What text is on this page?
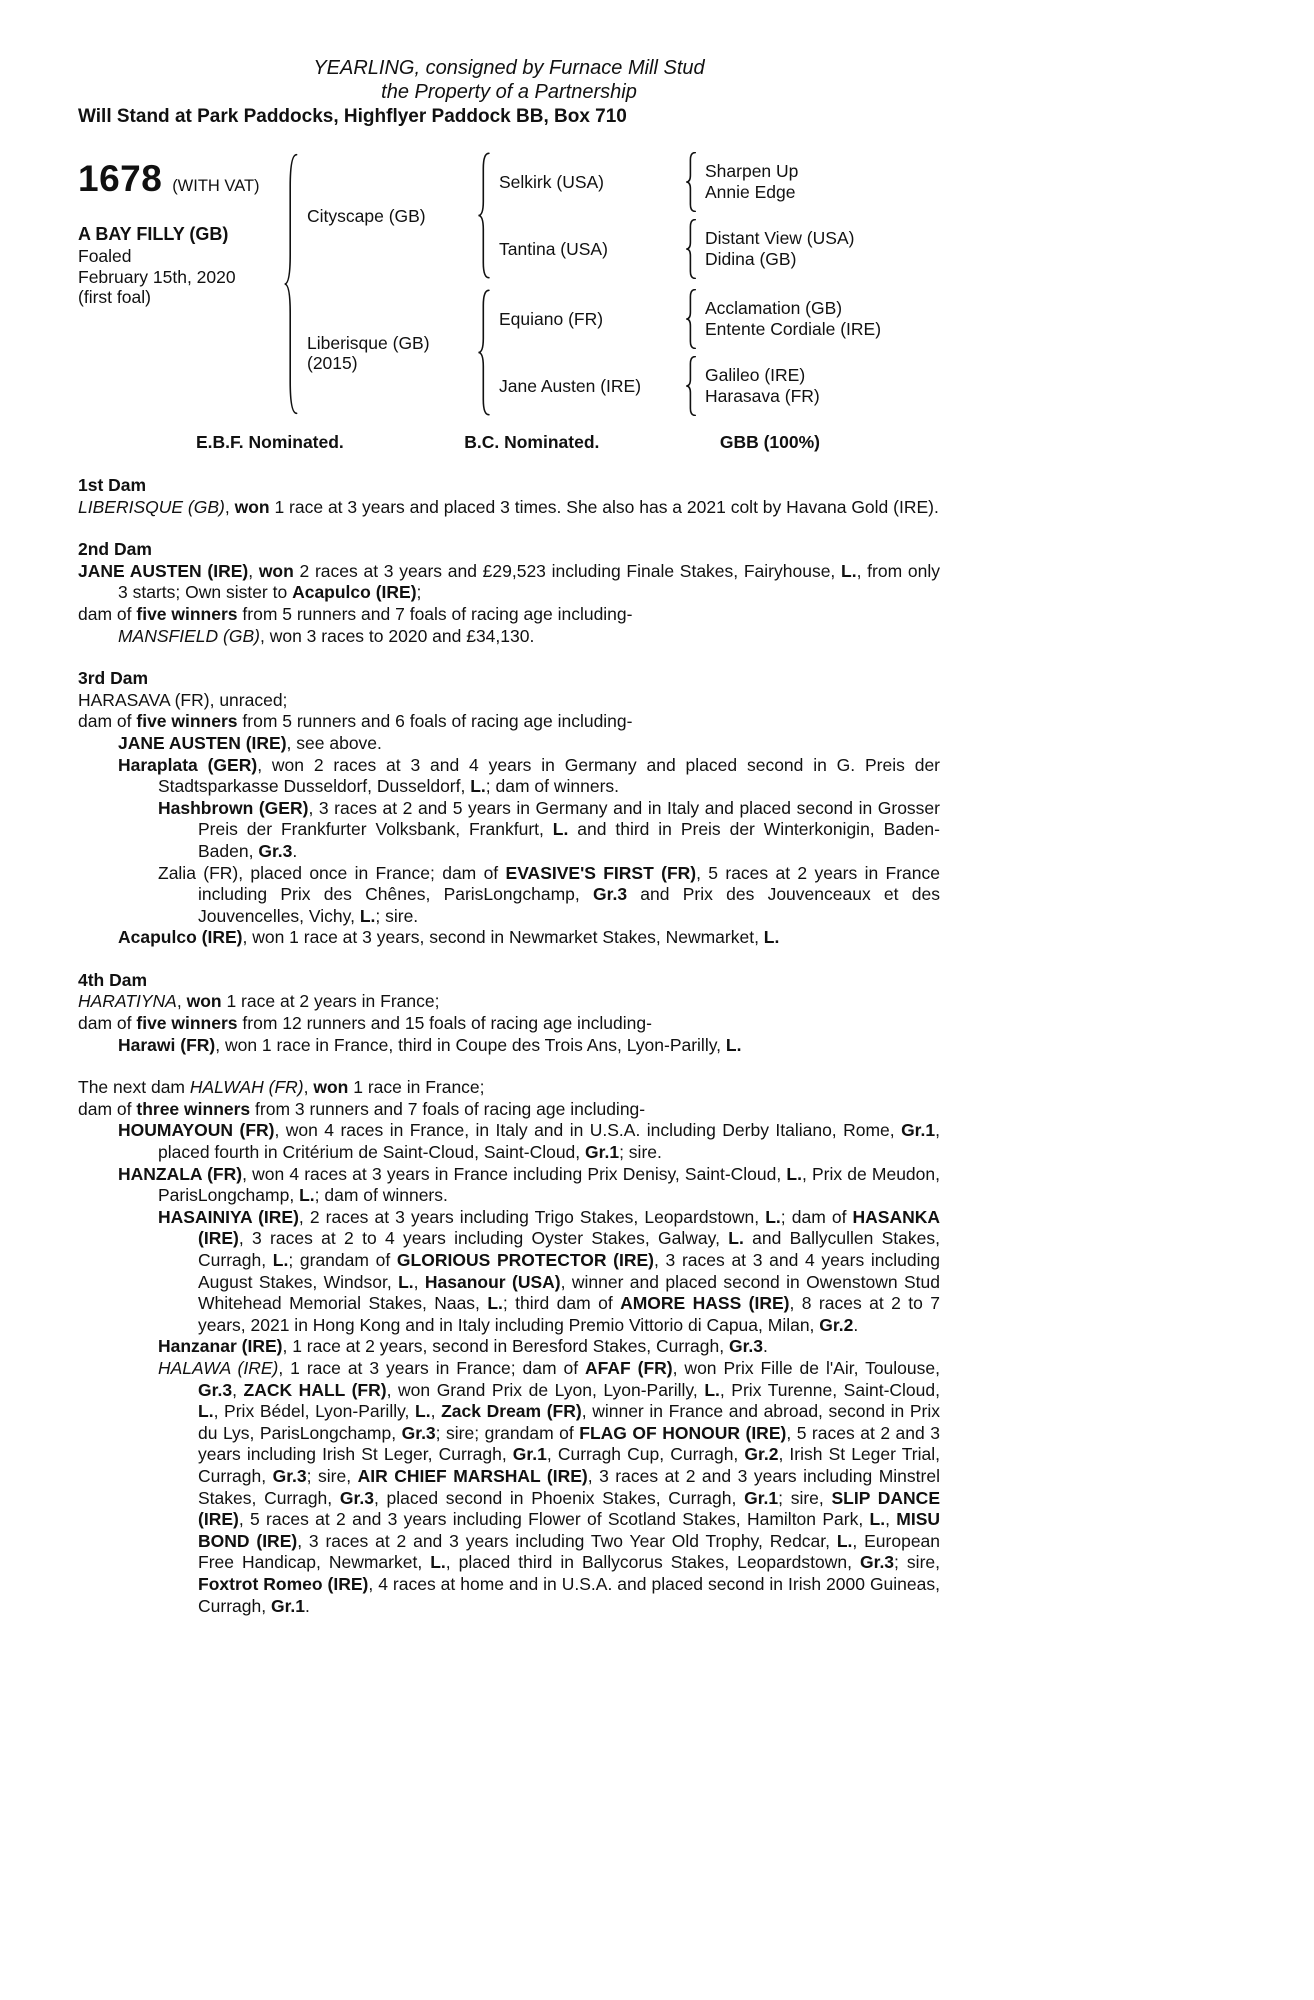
YEARLING, consigned by Furnace Mill Stud
the Property of a Partnership
Will Stand at Park Paddocks, Highflyer Paddock BB, Box 710
1678 (WITH VAT)
A BAY FILLY (GB)
Foaled
February 15th, 2020
(first foal)
Cityscape (GB)
Selkirk (USA)
Sharpen Up
Annie Edge
Tantina (USA)
Distant View (USA)
Didina (GB)
Liberisque (GB)
(2015)
Equiano (FR)
Acclamation (GB)
Entente Cordiale (IRE)
Jane Austen (IRE)
Galileo (IRE)
Harasava (FR)
E.B.F. Nominated.	B.C. Nominated.	GBB (100%)
1st Dam
LIBERISQUE (GB), won 1 race at 3 years and placed 3 times. She also has a 2021 colt by Havana Gold (IRE).
2nd Dam
JANE AUSTEN (IRE), won 2 races at 3 years and £29,523 including Finale Stakes, Fairyhouse, L., from only 3 starts; Own sister to Acapulco (IRE);
dam of five winners from 5 runners and 7 foals of racing age including-
MANSFIELD (GB), won 3 races to 2020 and £34,130.
3rd Dam
HARASAVA (FR), unraced;
dam of five winners from 5 runners and 6 foals of racing age including-
JANE AUSTEN (IRE), see above.
Haraplata (GER), won 2 races at 3 and 4 years in Germany and placed second in G. Preis der Stadtsparkasse Dusseldorf, Dusseldorf, L.; dam of winners.
Hashbrown (GER), 3 races at 2 and 5 years in Germany and in Italy and placed second in Grosser Preis der Frankfurter Volksbank, Frankfurt, L. and third in Preis der Winterkonigin, Baden-Baden, Gr.3.
Zalia (FR), placed once in France; dam of EVASIVE'S FIRST (FR), 5 races at 2 years in France including Prix des Chênes, ParisLongchamp, Gr.3 and Prix des Jouvenceaux et des Jouvencelles, Vichy, L.; sire.
Acapulco (IRE), won 1 race at 3 years, second in Newmarket Stakes, Newmarket, L.
4th Dam
HARATIYNA, won 1 race at 2 years in France;
dam of five winners from 12 runners and 15 foals of racing age including-
Harawi (FR), won 1 race in France, third in Coupe des Trois Ans, Lyon-Parilly, L.
The next dam HALWAH (FR), won 1 race in France;
dam of three winners from 3 runners and 7 foals of racing age including-
HOUMAYOUN (FR), won 4 races in France, in Italy and in U.S.A. including Derby Italiano, Rome, Gr.1, placed fourth in Critérium de Saint-Cloud, Saint-Cloud, Gr.1; sire.
HANZALA (FR), won 4 races at 3 years in France including Prix Denisy, Saint-Cloud, L., Prix de Meudon, ParisLongchamp, L.; dam of winners.
HASAINIYA (IRE), 2 races at 3 years including Trigo Stakes, Leopardstown, L.; dam of HASANKA (IRE), 3 races at 2 to 4 years including Oyster Stakes, Galway, L. and Ballycullen Stakes, Curragh, L.; grandam of GLORIOUS PROTECTOR (IRE), 3 races at 3 and 4 years including August Stakes, Windsor, L., Hasanour (USA), winner and placed second in Owenstown Stud Whitehead Memorial Stakes, Naas, L.; third dam of AMORE HASS (IRE), 8 races at 2 to 7 years, 2021 in Hong Kong and in Italy including Premio Vittorio di Capua, Milan, Gr.2.
Hanzanar (IRE), 1 race at 2 years, second in Beresford Stakes, Curragh, Gr.3.
HALAWA (IRE), 1 race at 3 years in France; dam of AFAF (FR), won Prix Fille de l'Air, Toulouse, Gr.3, ZACK HALL (FR), won Grand Prix de Lyon, Lyon-Parilly, L., Prix Turenne, Saint-Cloud, L., Prix Bédel, Lyon-Parilly, L., Zack Dream (FR), winner in France and abroad, second in Prix du Lys, ParisLongchamp, Gr.3; sire; grandam of FLAG OF HONOUR (IRE), 5 races at 2 and 3 years including Irish St Leger, Curragh, Gr.1, Curragh Cup, Curragh, Gr.2, Irish St Leger Trial, Curragh, Gr.3; sire, AIR CHIEF MARSHAL (IRE), 3 races at 2 and 3 years including Minstrel Stakes, Curragh, Gr.3, placed second in Phoenix Stakes, Curragh, Gr.1; sire, SLIP DANCE (IRE), 5 races at 2 and 3 years including Flower of Scotland Stakes, Hamilton Park, L., MISU BOND (IRE), 3 races at 2 and 3 years including Two Year Old Trophy, Redcar, L., European Free Handicap, Newmarket, L., placed third in Ballycorus Stakes, Leopardstown, Gr.3; sire, Foxtrot Romeo (IRE), 4 races at home and in U.S.A. and placed second in Irish 2000 Guineas, Curragh, Gr.1.
